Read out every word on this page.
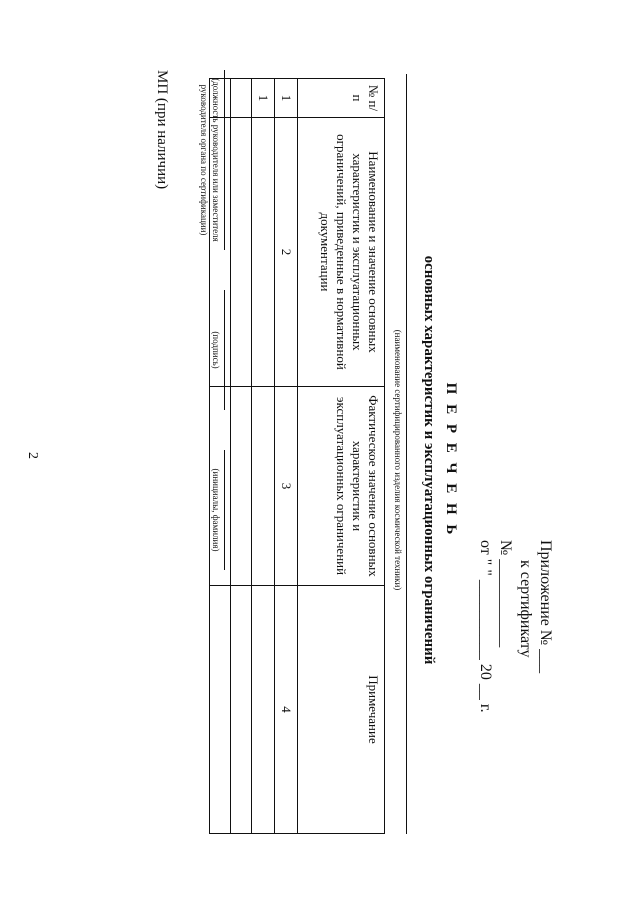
2
Приложение № ___
к сертификату
№ ___________
от " " __________ 20 __ г.
П Е Р Е Ч Е Н Ь
основных характеристик и эксплуатационных ограничений
(наименование сертифицированного изделия космической техники)
№ п/п	Наименование и значение основных характеристик и эксплуатационных ограничений, приведенные в нормативной документации	Фактическое значение основных характеристик и эксплуатационных ограничений	Примечание
1	2	3	4
1			

(должность руководителя или заместителя руководителя органа по сертификации)
(подпись)
(инициалы, фамилия)
МП (при наличии)
